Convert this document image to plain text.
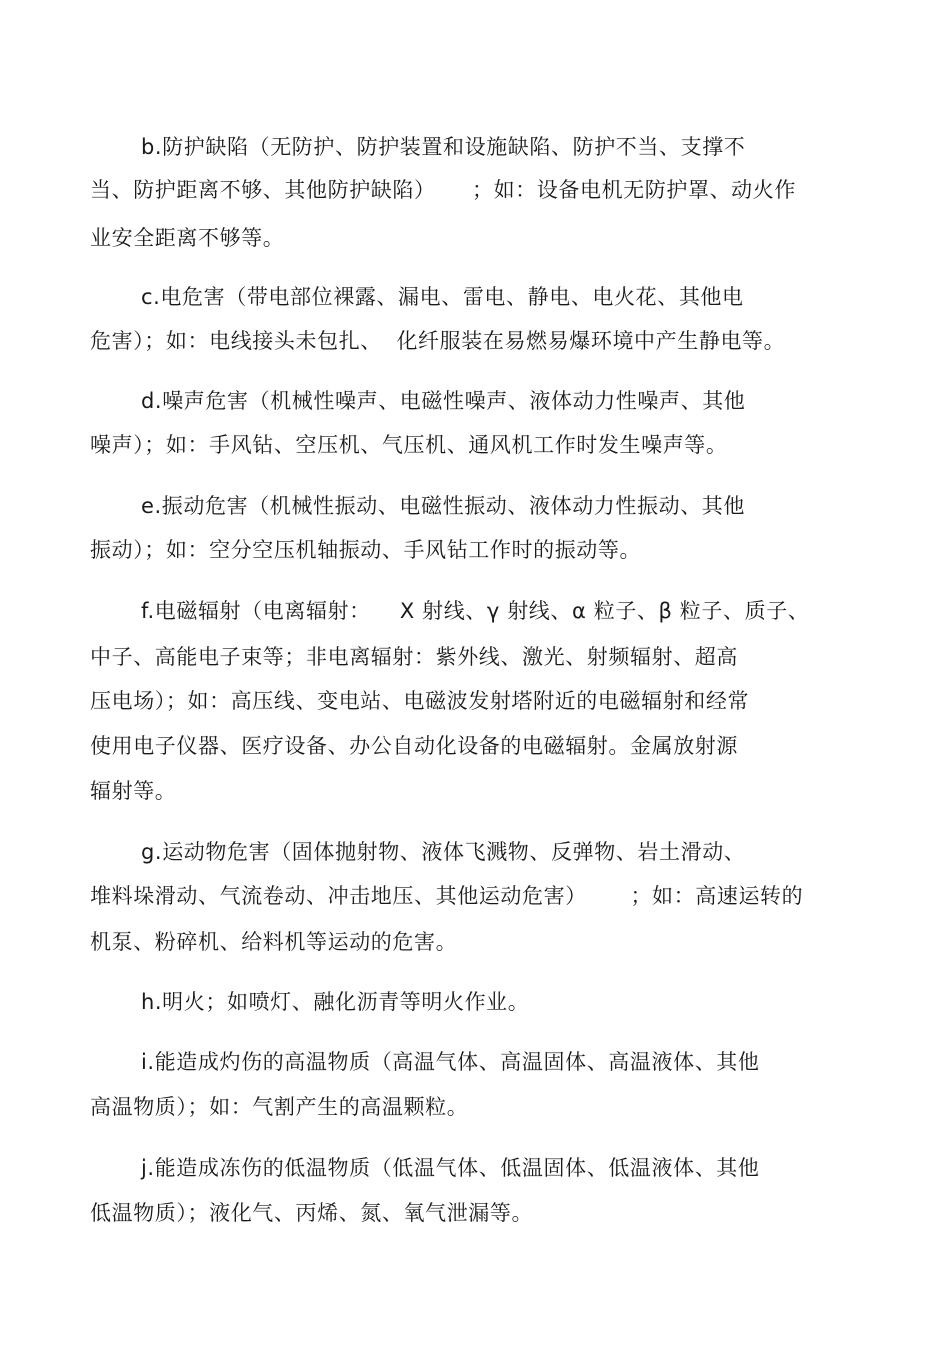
b.防护缺陷（无防护、防护装置和设施缺陷、防护不当、支撑不
当、防护距离不够、其他防护缺陷）     ；如：设备电机无防护罩、动火作
业安全距离不够等。
c.电危害（带电部位裸露、漏电、雷电、静电、电火花、其他电
危害）；如：电线接头未包扎、  化纤服装在易燃易爆环境中产生静电等。
d.噪声危害（机械性噪声、电磁性噪声、液体动力性噪声、其他
噪声）；如：手风钻、空压机、气压机、通风机工作时发生噪声等。
e.振动危害（机械性振动、电磁性振动、液体动力性振动、其他
振动）；如：空分空压机轴振动、手风钻工作时的振动等。
f.电磁辐射（电离辐射：    X 射线、γ 射线、α 粒子、β 粒子、质子、
中子、高能电子束等；非电离辐射：紫外线、激光、射频辐射、超高
压电场）；如：高压线、变电站、电磁波发射塔附近的电磁辐射和经常
使用电子仪器、医疗设备、办公自动化设备的电磁辐射。金属放射源
辐射等。
g.运动物危害（固体抛射物、液体飞溅物、反弹物、岩土滑动、
堆料垛滑动、气流卷动、冲击地压、其他运动危害）      ；如：高速运转的
机泵、粉碎机、给料机等运动的危害。
h.明火；如喷灯、融化沥青等明火作业。
i.能造成灼伤的高温物质（高温气体、高温固体、高温液体、其他
高温物质）；如：气割产生的高温颗粒。
j.能造成冻伤的低温物质（低温气体、低温固体、低温液体、其他
低温物质）；液化气、丙烯、氮、氧气泄漏等。
